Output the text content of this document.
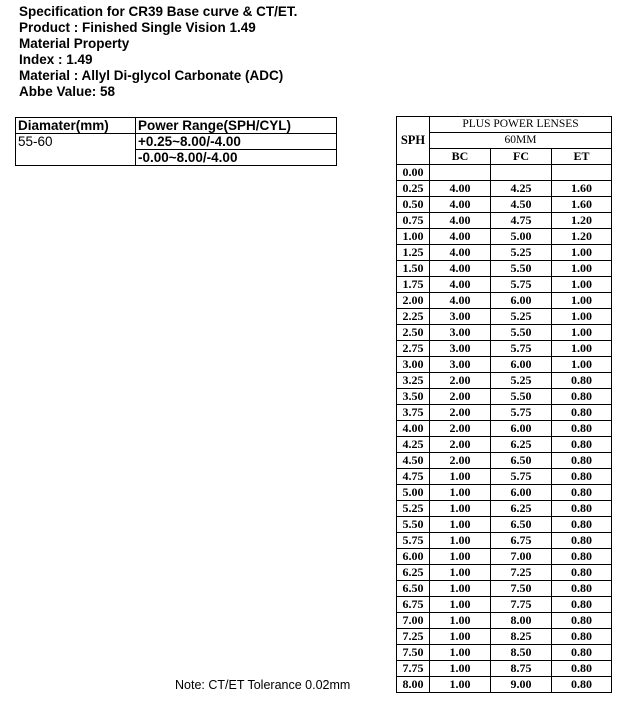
Specification for CR39 Base curve & CT/ET.
Product : Finished Single Vision 1.49
Material Property
Index : 1.49
Material : Allyl Di-glycol Carbonate (ADC)
Abbe Value: 58
Diamater(mm)	Power Range(SPH/CYL)
55-60	+0.25~8.00/-4.00
	-0.00~8.00/-4.00
Note: CT/ET Tolerance 0.02mm
SPH	PLUS POWER LENSES		
	60MM		
	BC	FC	ET
0.00			
0.25	4.00	4.25	1.60
0.50	4.00	4.50	1.60
0.75	4.00	4.75	1.20
1.00	4.00	5.00	1.20
1.25	4.00	5.25	1.00
1.50	4.00	5.50	1.00
1.75	4.00	5.75	1.00
2.00	4.00	6.00	1.00
2.25	3.00	5.25	1.00
2.50	3.00	5.50	1.00
2.75	3.00	5.75	1.00
3.00	3.00	6.00	1.00
3.25	2.00	5.25	0.80
3.50	2.00	5.50	0.80
3.75	2.00	5.75	0.80
4.00	2.00	6.00	0.80
4.25	2.00	6.25	0.80
4.50	2.00	6.50	0.80
4.75	1.00	5.75	0.80
5.00	1.00	6.00	0.80
5.25	1.00	6.25	0.80
5.50	1.00	6.50	0.80
5.75	1.00	6.75	0.80
6.00	1.00	7.00	0.80
6.25	1.00	7.25	0.80
6.50	1.00	7.50	0.80
6.75	1.00	7.75	0.80
7.00	1.00	8.00	0.80
7.25	1.00	8.25	0.80
7.50	1.00	8.50	0.80
7.75	1.00	8.75	0.80
8.00	1.00	9.00	0.80
